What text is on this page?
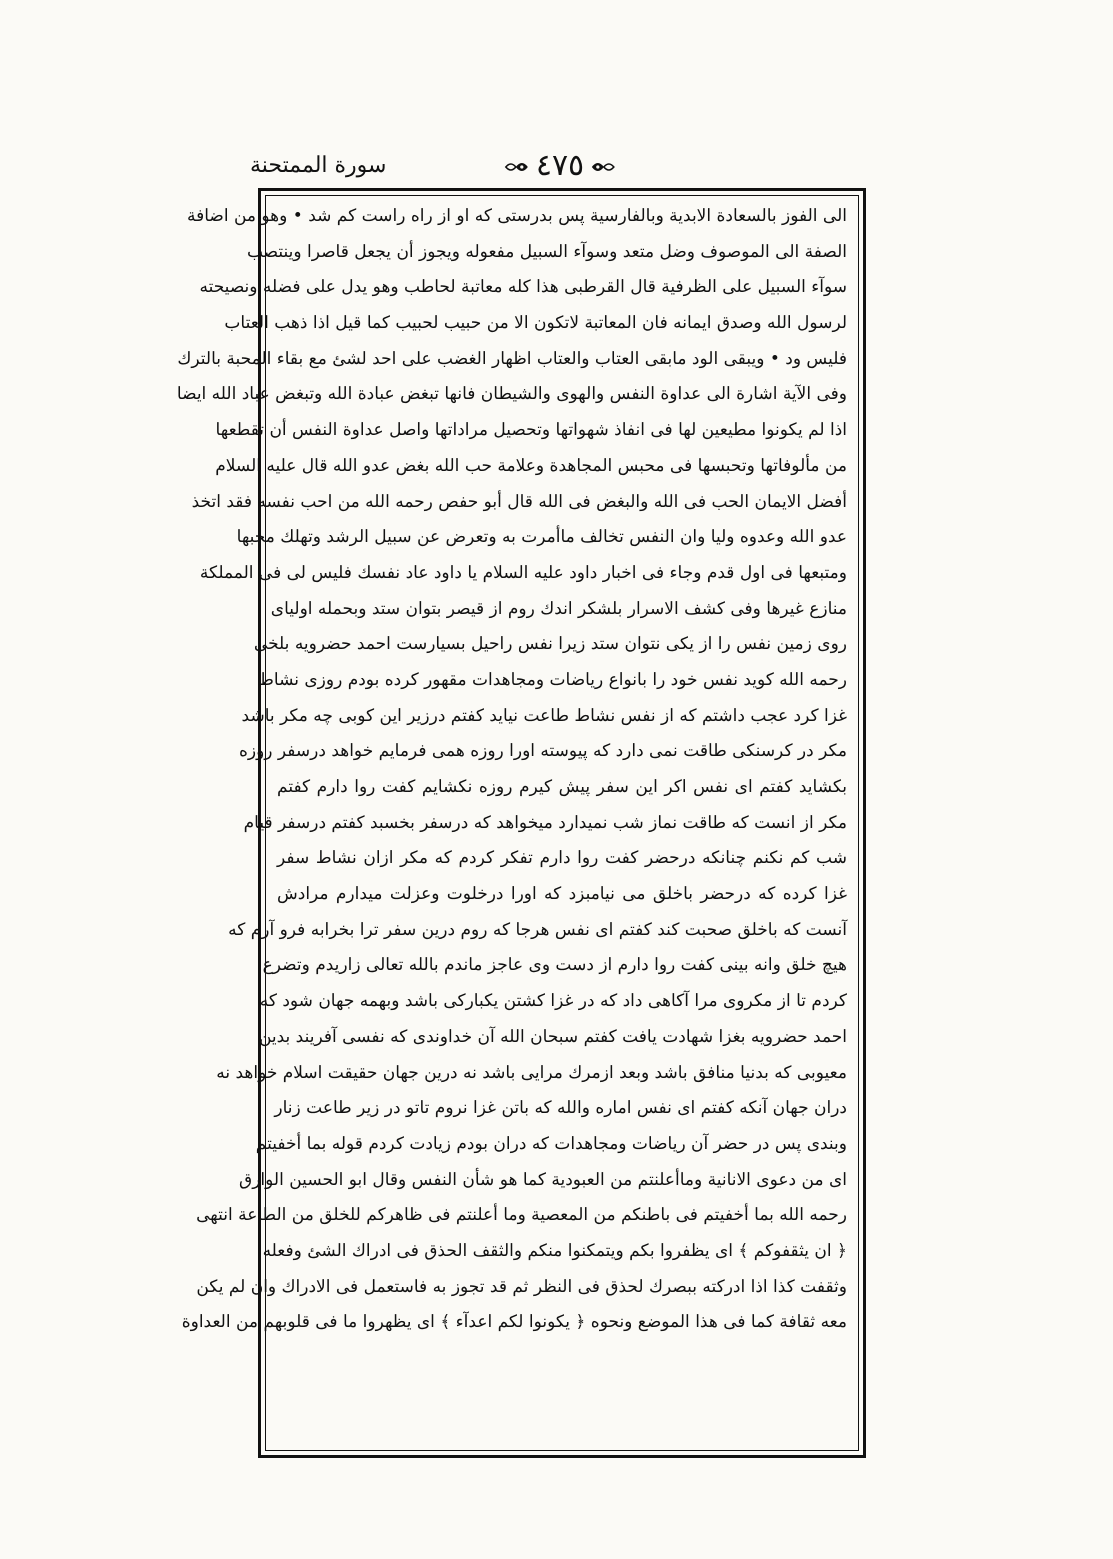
٤٧٥
سورة الممتحنة
الى الفوز بالسعادة الابدية وبالفارسية پس بدرستى كه او از راه راست كم شد • وهو من اضافة
الصفة الى الموصوف وضل متعد وسوآء السبيل مفعوله ويجوز أن يجعل قاصرا وينتصب
سوآء السبيل على الظرفية قال القرطبى هذا كله معاتبة لحاطب وهو يدل على فضله ونصيحته
لرسول الله وصدق ايمانه فان المعاتبة لاتكون الا من حبيب لحبيب كما قيل اذا ذهب العتاب
فليس ود • ويبقى الود مابقى العتاب والعتاب اظهار الغضب على احد لشئ مع بقاء المحبة بالترك
وفى الآية اشارة الى عداوة النفس والهوى والشيطان فانها تبغض عبادة الله وتبغض عباد الله ايضا
اذا لم يكونوا مطيعين لها فى انفاذ شهواتها وتحصيل مراداتها واصل عداوة النفس أن تقطعها
من مألوفاتها وتحبسها فى محبس المجاهدة وعلامة حب الله بغض عدو الله قال عليه السلام
أفضل الايمان الحب فى الله والبغض فى الله قال أبو حفص رحمه الله من احب نفسه فقد اتخذ
عدو الله وعدوه وليا وان النفس تخالف ماأمرت به وتعرض عن سبيل الرشد وتهلك محبها
ومتبعها فى اول قدم وجاء فى اخبار داود عليه السلام يا داود عاد نفسك فليس لى فى المملكة
منازع غيرها وفى كشف الاسرار بلشكر اندك روم از قيصر بتوان ستد وبحمله اولياى
روى زمين نفس را از يكى نتوان ستد زيرا نفس راحيل بسيارست احمد حضرويه بلخى
رحمه الله كويد نفس خود را بانواع رياضات ومجاهدات مقهور كرده بودم روزى نشاط
غزا كرد عجب داشتم كه از نفس نشاط طاعت نيايد كفتم درزير اين كوبى چه مكر باشد
مكر در كرسنكى طاقت نمى دارد كه پيوسته اورا روزه همى فرمايم خواهد درسفر روزه
بكشايد كفتم اى نفس اكر اين سفر پيش كيرم روزه نكشايم كفت روا دارم كفتم
مكر از انست كه طاقت نماز شب نميدارد ميخواهد كه درسفر بخسبد كفتم درسفر قيام
شب كم نكنم چنانكه درحضر كفت روا دارم تفكر كردم كه مكر ازان نشاط سفر
غزا كرده كه درحضر باخلق مى نيامبزد كه اورا درخلوت وعزلت ميدارم مرادش
آنست كه باخلق صحبت كند كفتم اى نفس هرجا كه روم درين سفر ترا بخرابه فرو آرم كه
هيچ خلق وانه بينى كفت روا دارم از دست وى عاجز ماندم بالله تعالى زاريدم وتضرع
كردم تا از مكروى مرا آكاهى داد كه در غزا كشتن يكباركى باشد وبهمه جهان شود كه
احمد حضرويه بغزا شهادت يافت كفتم سبحان الله آن خداوندى كه نفسى آفريند بدين
معيوبى كه بدنيا منافق باشد وبعد ازمرك مرايى باشد نه درين جهان حقيقت اسلام خواهد نه
دران جهان آنكه كفتم اى نفس اماره والله كه باتن غزا نروم تاتو در زير طاعت زنار
وبندى پس در حضر آن رياضات ومجاهدات كه دران بودم زيادت كردم قوله بما أخفيتم
اى من دعوى الانانية وماأعلنتم من العبودية كما هو شأن النفس وقال ابو الحسين الوارق
رحمه الله بما أخفيتم فى باطنكم من المعصية وما أعلنتم فى ظاهركم للخلق من الطاعة انتهى
﴿ ان يثقفوكم ﴾ اى يظفروا بكم ويتمكنوا منكم والثقف الحذق فى ادراك الشئ وفعله
وثقفت كذا اذا ادركته ببصرك لحذق فى النظر ثم قد تجوز به فاستعمل فى الادراك وان لم يكن
معه ثقافة كما فى هذا الموضع ونحوه ﴿ يكونوا لكم اعدآء ﴾ اى يظهروا ما فى قلوبهم من العداوة
